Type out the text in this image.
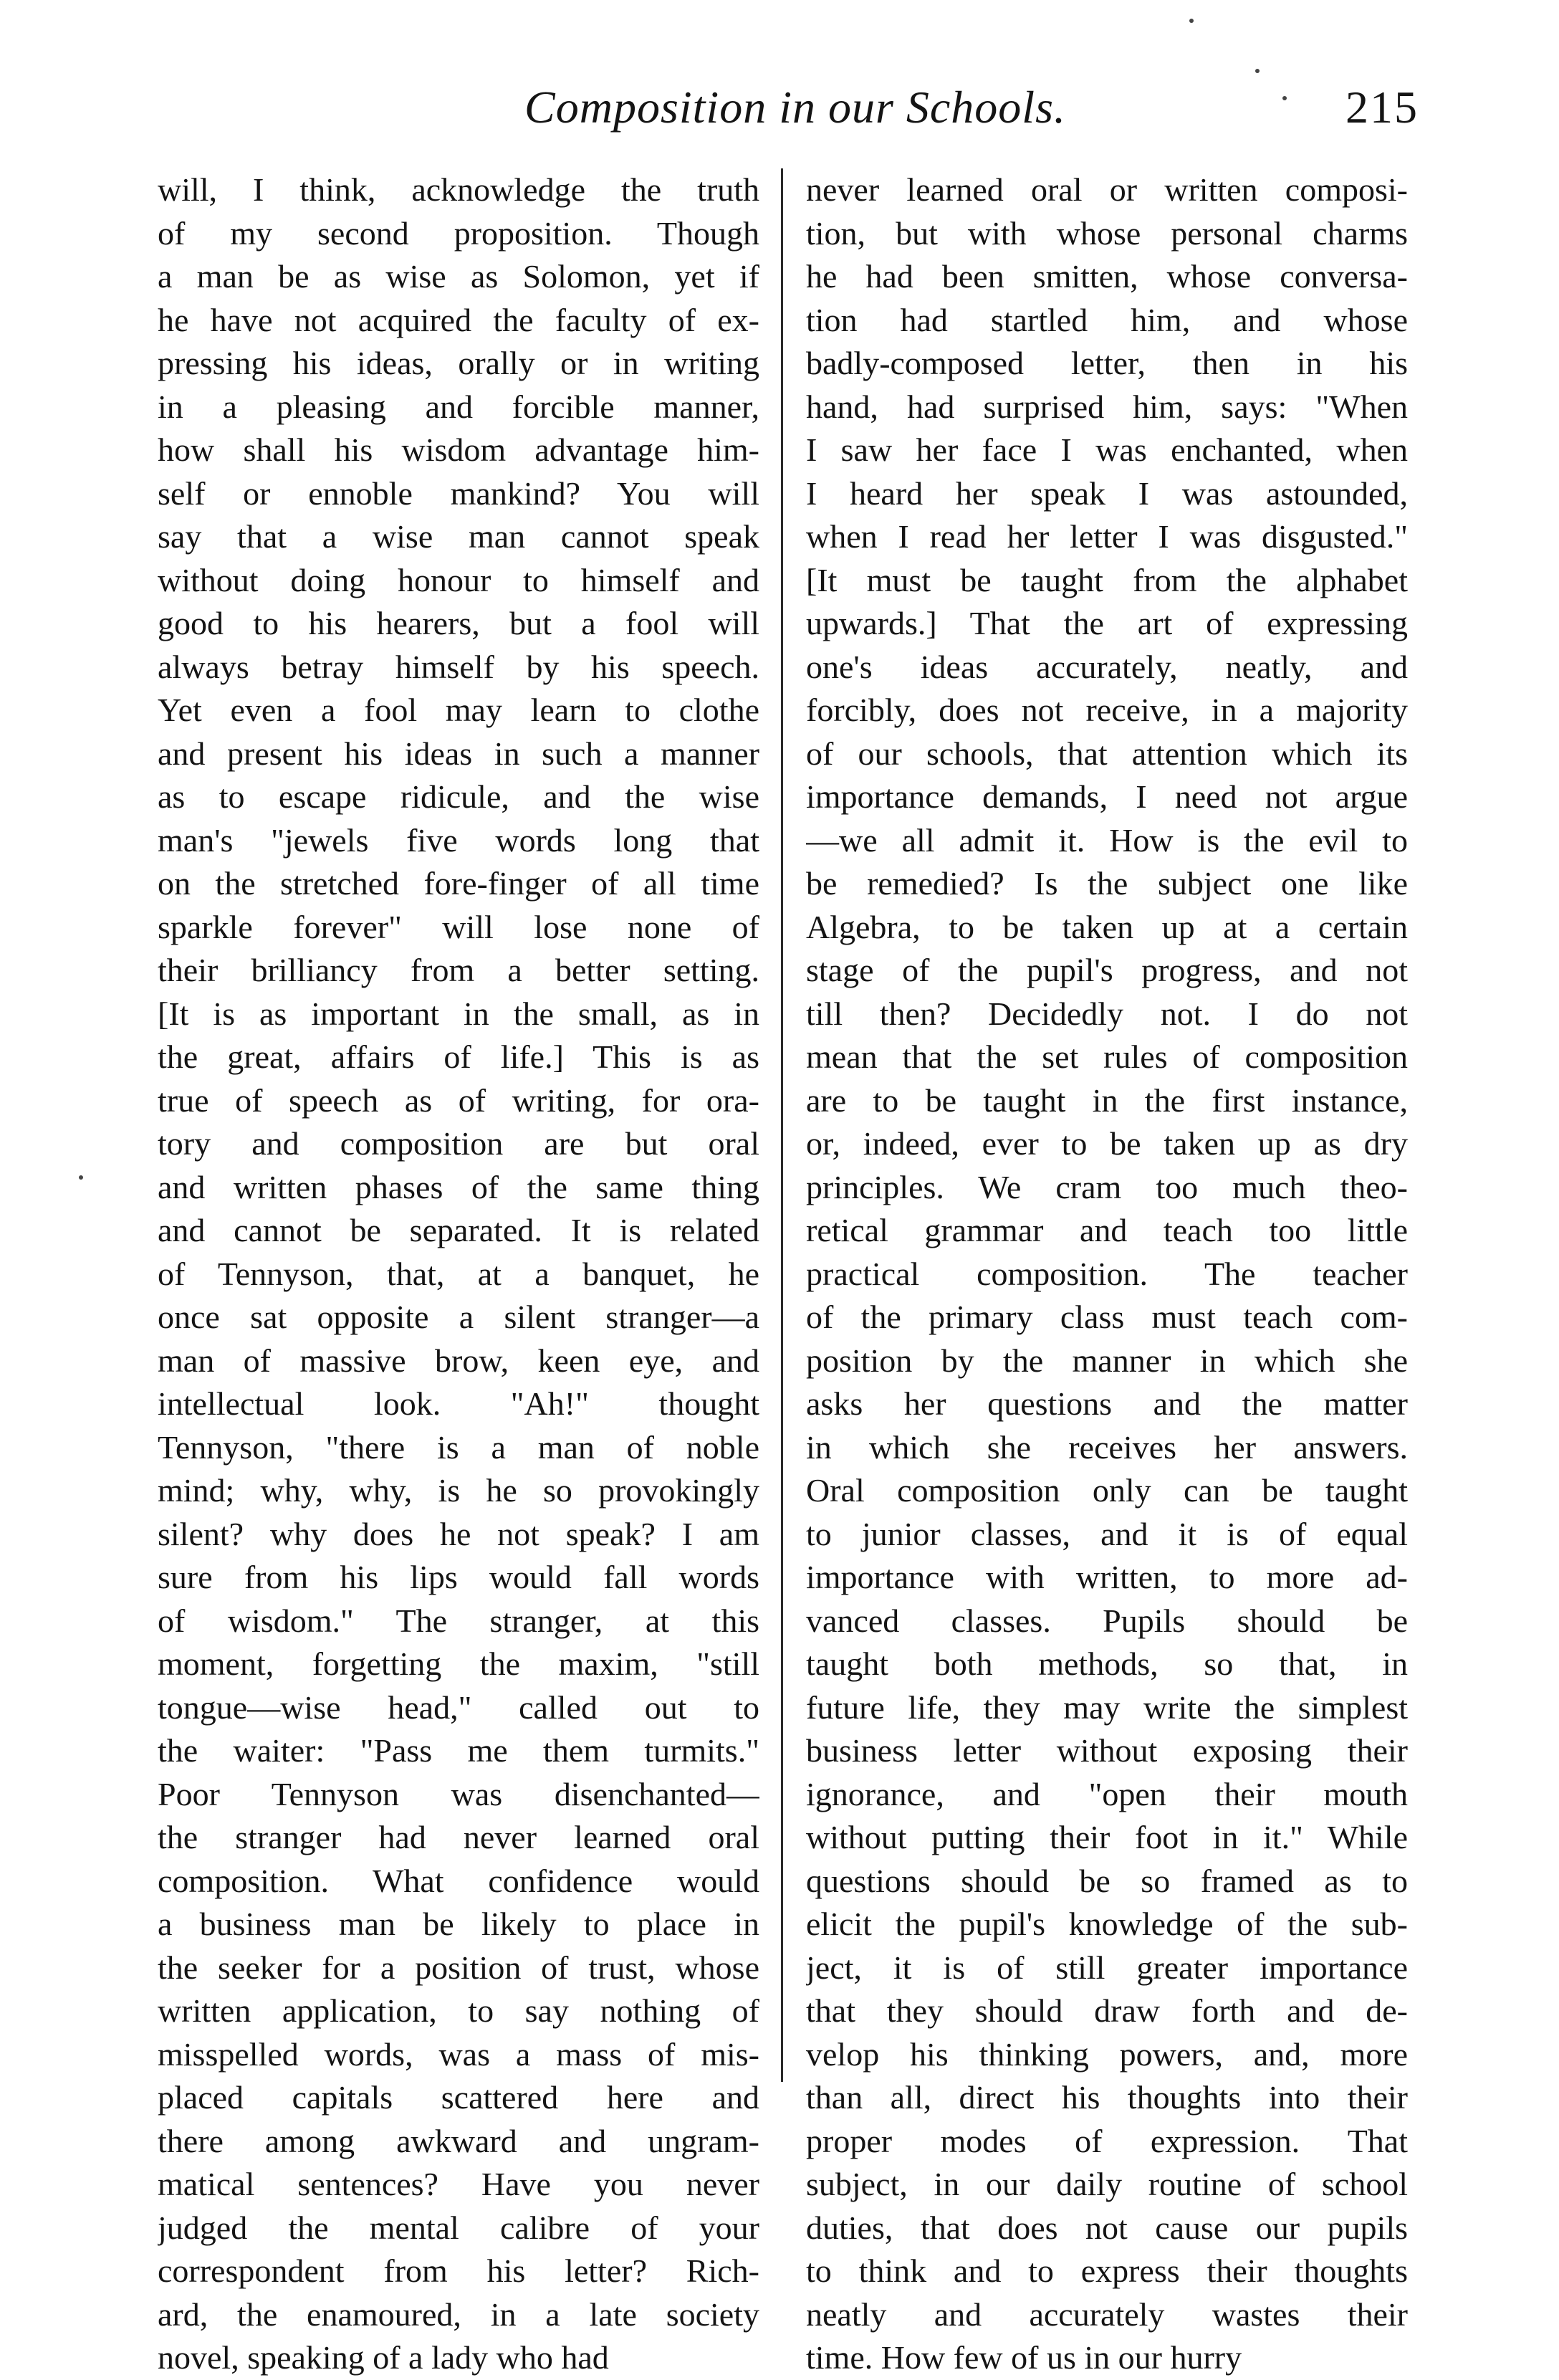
Composition in our Schools.	215
will, I think, acknowledge the truth
of my second proposition. Though
a man be as wise as Solomon, yet if
he have not acquired the faculty of ex-
pressing his ideas, orally or in writing
in a pleasing and forcible manner,
how shall his wisdom advantage him-
self or ennoble mankind? You will
say that a wise man cannot speak
without doing honour to himself and
good to his hearers, but a fool will
always betray himself by his speech.
Yet even a fool may learn to clothe
and present his ideas in such a manner
as to escape ridicule, and the wise
man's "jewels five words long that
on the stretched fore-finger of all time
sparkle forever" will lose none of
their brilliancy from a better setting.
[It is as important in the small, as in
the great, affairs of life.] This is as
true of speech as of writing, for ora-
tory and composition are but oral
and written phases of the same thing
and cannot be separated. It is related
of Tennyson, that, at a banquet, he
once sat opposite a silent stranger—a
man of massive brow, keen eye, and
intellectual look. "Ah!" thought
Tennyson, "there is a man of noble
mind; why, why, is he so provokingly
silent? why does he not speak? I am
sure from his lips would fall words
of wisdom." The stranger, at this
moment, forgetting the maxim, "still
tongue—wise head," called out to
the waiter: "Pass me them turmits."
Poor Tennyson was disenchanted—
the stranger had never learned oral
composition. What confidence would
a business man be likely to place in
the seeker for a position of trust, whose
written application, to say nothing of
misspelled words, was a mass of mis-
placed capitals scattered here and
there among awkward and ungram-
matical sentences? Have you never
judged the mental calibre of your
correspondent from his letter? Rich-
ard, the enamoured, in a late society
novel, speaking of a lady who had
never learned oral or written composi-
tion, but with whose personal charms
he had been smitten, whose conversa-
tion had startled him, and whose
badly-composed letter, then in his
hand, had surprised him, says: "When
I saw her face I was enchanted, when
I heard her speak I was astounded,
when I read her letter I was disgusted."
[It must be taught from the alphabet
upwards.] That the art of expressing
one's ideas accurately, neatly, and
forcibly, does not receive, in a majority
of our schools, that attention which its
importance demands, I need not argue
—we all admit it. How is the evil to
be remedied? Is the subject one like
Algebra, to be taken up at a certain
stage of the pupil's progress, and not
till then? Decidedly not. I do not
mean that the set rules of composition
are to be taught in the first instance,
or, indeed, ever to be taken up as dry
principles. We cram too much theo-
retical grammar and teach too little
practical composition. The teacher
of the primary class must teach com-
position by the manner in which she
asks her questions and the matter
in which she receives her answers.
Oral composition only can be taught
to junior classes, and it is of equal
importance with written, to more ad-
vanced classes. Pupils should be
taught both methods, so that, in
future life, they may write the simplest
business letter without exposing their
ignorance, and "open their mouth
without putting their foot in it." While
questions should be so framed as to
elicit the pupil's knowledge of the sub-
ject, it is of still greater importance
that they should draw forth and de-
velop his thinking powers, and, more
than all, direct his thoughts into their
proper modes of expression. That
subject, in our daily routine of school
duties, that does not cause our pupils
to think and to express their thoughts
neatly and accurately wastes their
time. How few of us in our hurry
